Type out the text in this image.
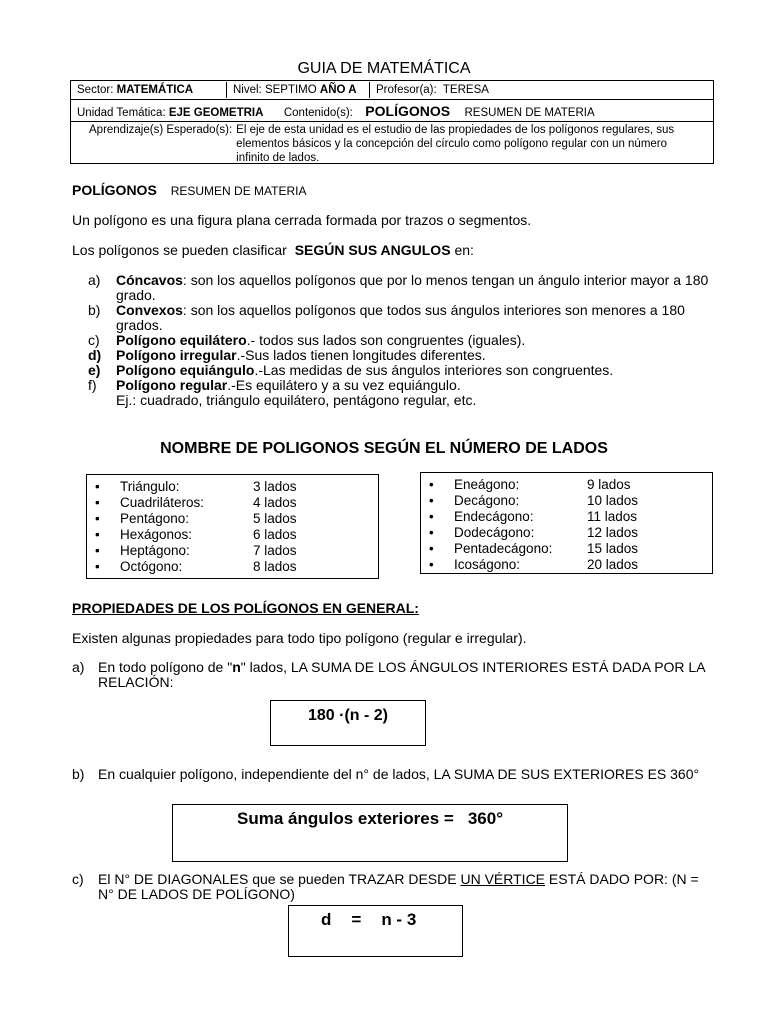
GUIA DE MATEMÁTICA
Sector: MATEMÁTICA	Nivel: SEPTIMO AÑO A	Profesor(a): TERESA
Unidad Temática: EJE GEOMETRIA Contenido(s): POLÍGONOS RESUMEN DE MATERIA
Aprendizaje(s) Esperado(s): El eje de esta unidad es el estudio de las propiedades de los polígonos regulares, sus elementos básicos y la concepción del círculo como polígono regular con un número infinito de lados.
POLÍGONOS RESUMEN DE MATERIA
Un polígono es una figura plana cerrada formada por trazos o segmentos.
Los polígonos se pueden clasificar SEGÚN SUS ANGULOS en:
a)	Cóncavos: son los aquellos polígonos que por lo menos tengan un ángulo interior mayor a 180 grado.
b)	Convexos: son los aquellos polígonos que todos sus ángulos interiores son menores a 180 grados.
c)	Polígono equilátero.- todos sus lados son congruentes (iguales).
d)	Polígono irregular.-Sus lados tienen longitudes diferentes.
e)	Polígono equiángulo.-Las medidas de sus ángulos interiores son congruentes.
f)	Polígono regular.-Es equilátero y a su vez equiángulo.
Ej.: cuadrado, triángulo equilátero, pentágono regular, etc.
NOMBRE DE POLIGONOS SEGÚN EL NÚMERO DE LADOS
•	Triángulo:	3 lados
•	Cuadriláteros:	4 lados
•	Pentágono:	5 lados
•	Hexágonos:	6 lados
•	Heptágono:	7 lados
•	Octógono:	8 lados
•	Eneágono:	9 lados
•	Decágono:	10 lados
•	Endecágono:	11 lados
•	Dodecágono:	12 lados
•	Pentadecágono:	15 lados
•	Icoságono:	20 lados
PROPIEDADES DE LOS POLÍGONOS EN GENERAL:
Existen algunas propiedades para todo tipo polígono (regular e irregular).
a) En todo polígono de "n" lados, LA SUMA DE LOS ÁNGULOS INTERIORES ESTÁ DADA POR LA RELACIÓN:
180 ·(n - 2)
b) En cualquier polígono, independiente del n° de lados, LA SUMA DE SUS EXTERIORES ES 360°
Suma ángulos exteriores = 360°
c)	El N° DE DIAGONALES que se pueden TRAZAR DESDE UN VÉRTICE ESTÁ DADO POR: (N = N° DE LADOS DE POLÍGONO)
d = n - 3
